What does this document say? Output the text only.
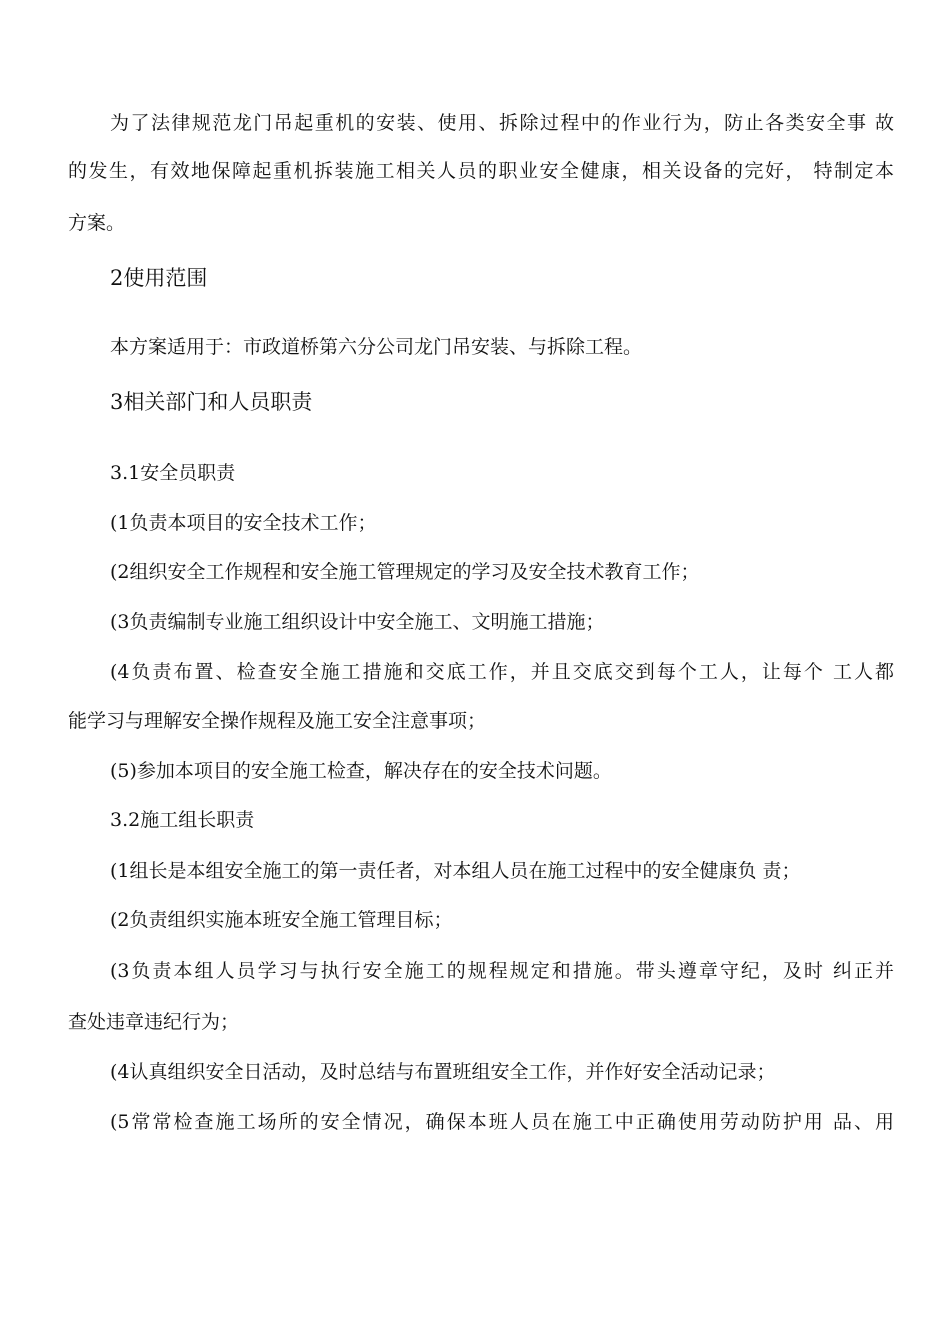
为了法律规范龙门吊起重机的安装、使用、拆除过程中的作业行为，防止各类安全事 故
的发生，有效地保障起重机拆装施工相关人员的职业安全健康，相关设备的完好， 特制定本
方案。
2使用范围
本方案适用于：市政道桥第六分公司龙门吊安装、与拆除工程。
3相关部门和人员职责
3.1安全员职责
(1负责本项目的安全技术工作；
(2组织安全工作规程和安全施工管理规定的学习及安全技术教育工作；
(3负责编制专业施工组织设计中安全施工、文明施工措施；
(4负责布置、检查安全施工措施和交底工作，并且交底交到每个工人，让每个 工人都
能学习与理解安全操作规程及施工安全注意事项；
(5)参加本项目的安全施工检查，解决存在的安全技术问题。
3.2施工组长职责
(1组长是本组安全施工的第一责任者，对本组人员在施工过程中的安全健康负 责；
(2负责组织实施本班安全施工管理目标；
(3负责本组人员学习与执行安全施工的规程规定和措施。带头遵章守纪，及时 纠正并
查处违章违纪行为；
(4认真组织安全日活动，及时总结与布置班组安全工作，并作好安全活动记录；
(5常常检查施工场所的安全情况，确保本班人员在施工中正确使用劳动防护用 品、用
